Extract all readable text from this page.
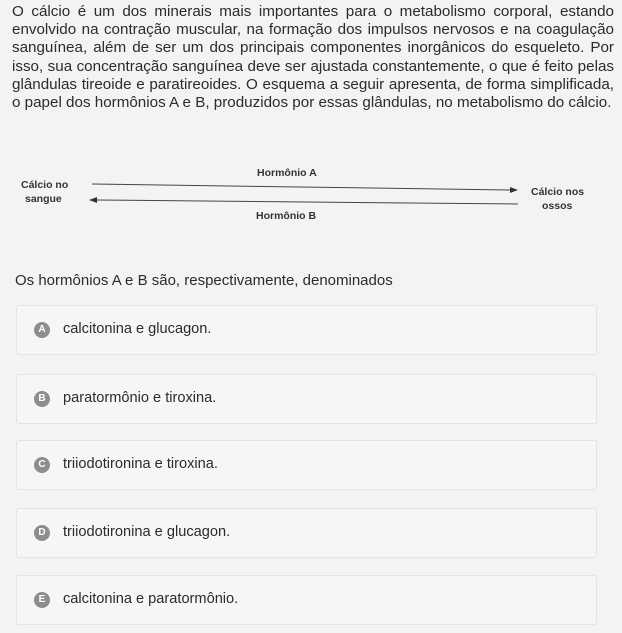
O cálcio é um dos minerais mais importantes para o metabolismo corporal, estando envolvido na contração muscular, na formação dos impulsos nervosos e na coagulação sanguínea, além de ser um dos principais componentes inorgânicos do esqueleto. Por isso, sua concentração sanguínea deve ser ajustada constantemente, o que é feito pelas glândulas tireoide e paratireoides. O esquema a seguir apresenta, de forma simplificada, o papel dos hormônios A e B, produzidos por essas glândulas, no metabolismo do cálcio.
Cálcio no
sangue
Hormônio A
Hormônio B
Cálcio nos
ossos
Os hormônios A e B são, respectivamente, denominados
A	calcitonina e glucagon.
B	paratormônio e tiroxina.
C	triiodotironina e tiroxina.
D	triiodotironina e glucagon.
E	calcitonina e paratormônio.
